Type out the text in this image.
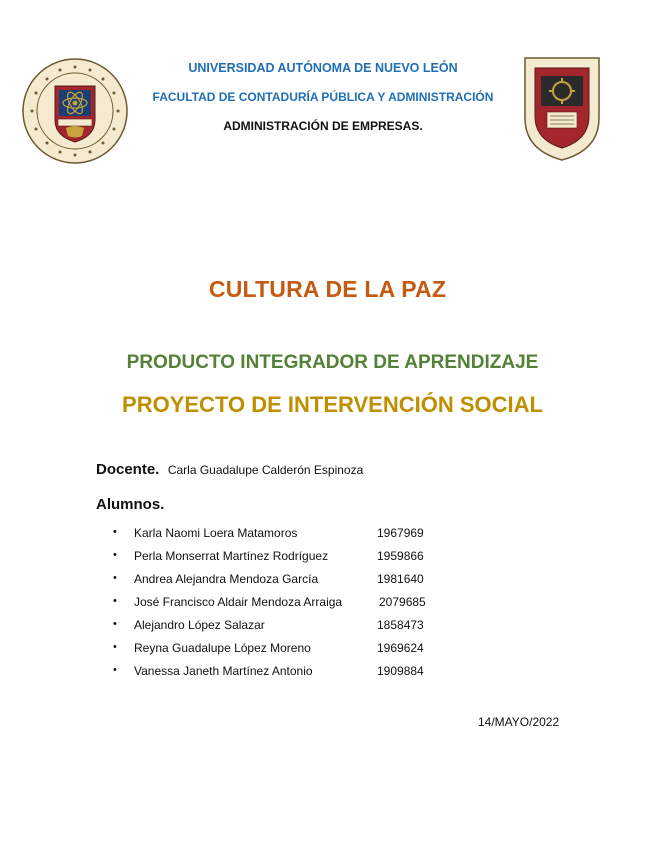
UNIVERSIDAD AUTÓNOMA DE NUEVO LEÓN
FACULTAD DE CONTADURÍA PÚBLICA Y ADMINISTRACIÓN
ADMINISTRACIÓN DE EMPRESAS.
CULTURA DE LA PAZ
PRODUCTO INTEGRADOR DE APRENDIZAJE
PROYECTO DE INTERVENCIÓN SOCIAL
Docente. Carla Guadalupe Calderón Espinoza
Alumnos.
• Karla Naomi Loera Matamoros	1967969
• Perla Monserrat Martínez Rodríguez	1959866
• Andrea Alejandra Mendoza García	1981640
• José Francisco Aldair Mendoza Arraiga	2079685
• Alejandro López Salazar	1858473
• Reyna Guadalupe López Moreno	1969624
• Vanessa Janeth Martínez Antonio	1909884
14/MAYO/2022
